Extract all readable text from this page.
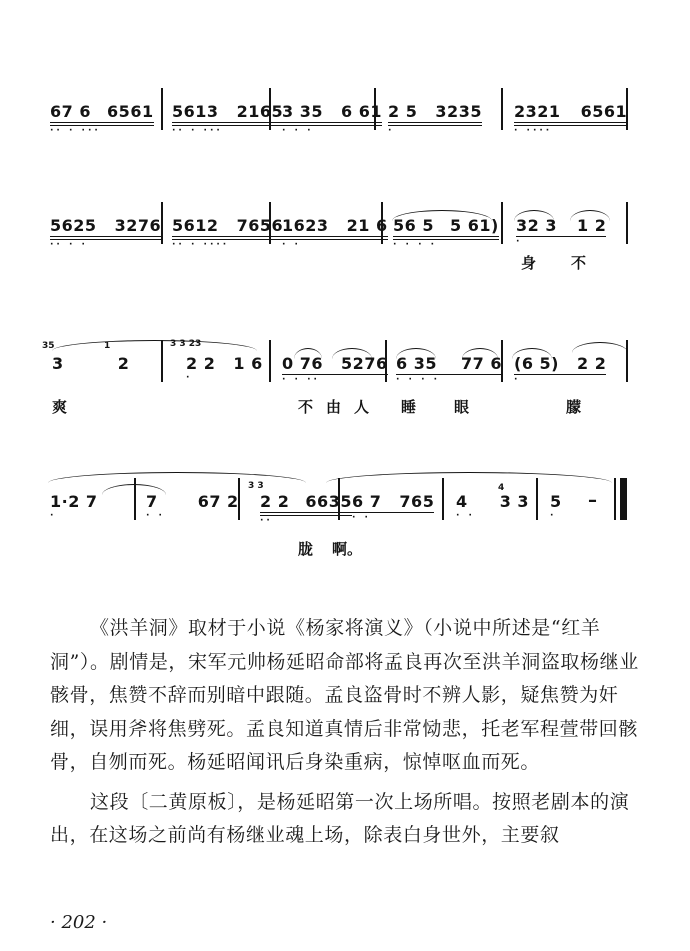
67 6 6561
·· · ···
5613 2165
·· · ···
3 35 6 61
· · ·
2 5 3235
·
2321 6561
· ····
5625 3276
·· · ·
5612 7656
·· · ····
1623 21 6
· ·
56 5 5 61)
· · · ·
32 3 1 2
·
身 不
35	1	3 3 23
3	2	2 2 1 6
·
0 76 5276
· · ··
6 35 77 6
· · · ·
(6 5) 2 2
·
爽	不 由 人 睡	眼	朦
3 3	4
1·2 7
·
7	67 2
· ·
2 2 6635
··
6 7 765
· ·
4 3 3
· ·
5
·
–
胧 啊。

《洪羊洞》取材于小说《杨家将演义》（小说中所述是“红羊洞”）。剧情是，宋军元帅杨延昭命部将孟良再次至洪羊洞盗取杨继业骸骨，焦赞不辞而别暗中跟随。孟良盗骨时不辨人影，疑焦赞为奸细，误用斧将焦劈死。孟良知道真情后非常恸悲，托老军程萱带回骸骨，自刎而死。杨延昭闻讯后身染重病，惊悼呕血而死。

这段〔二黄原板〕，是杨延昭第一次上场所唱。按照老剧本的演出，在这场之前尚有杨继业魂上场，除表白身世外，主要叙

· 202 ·
